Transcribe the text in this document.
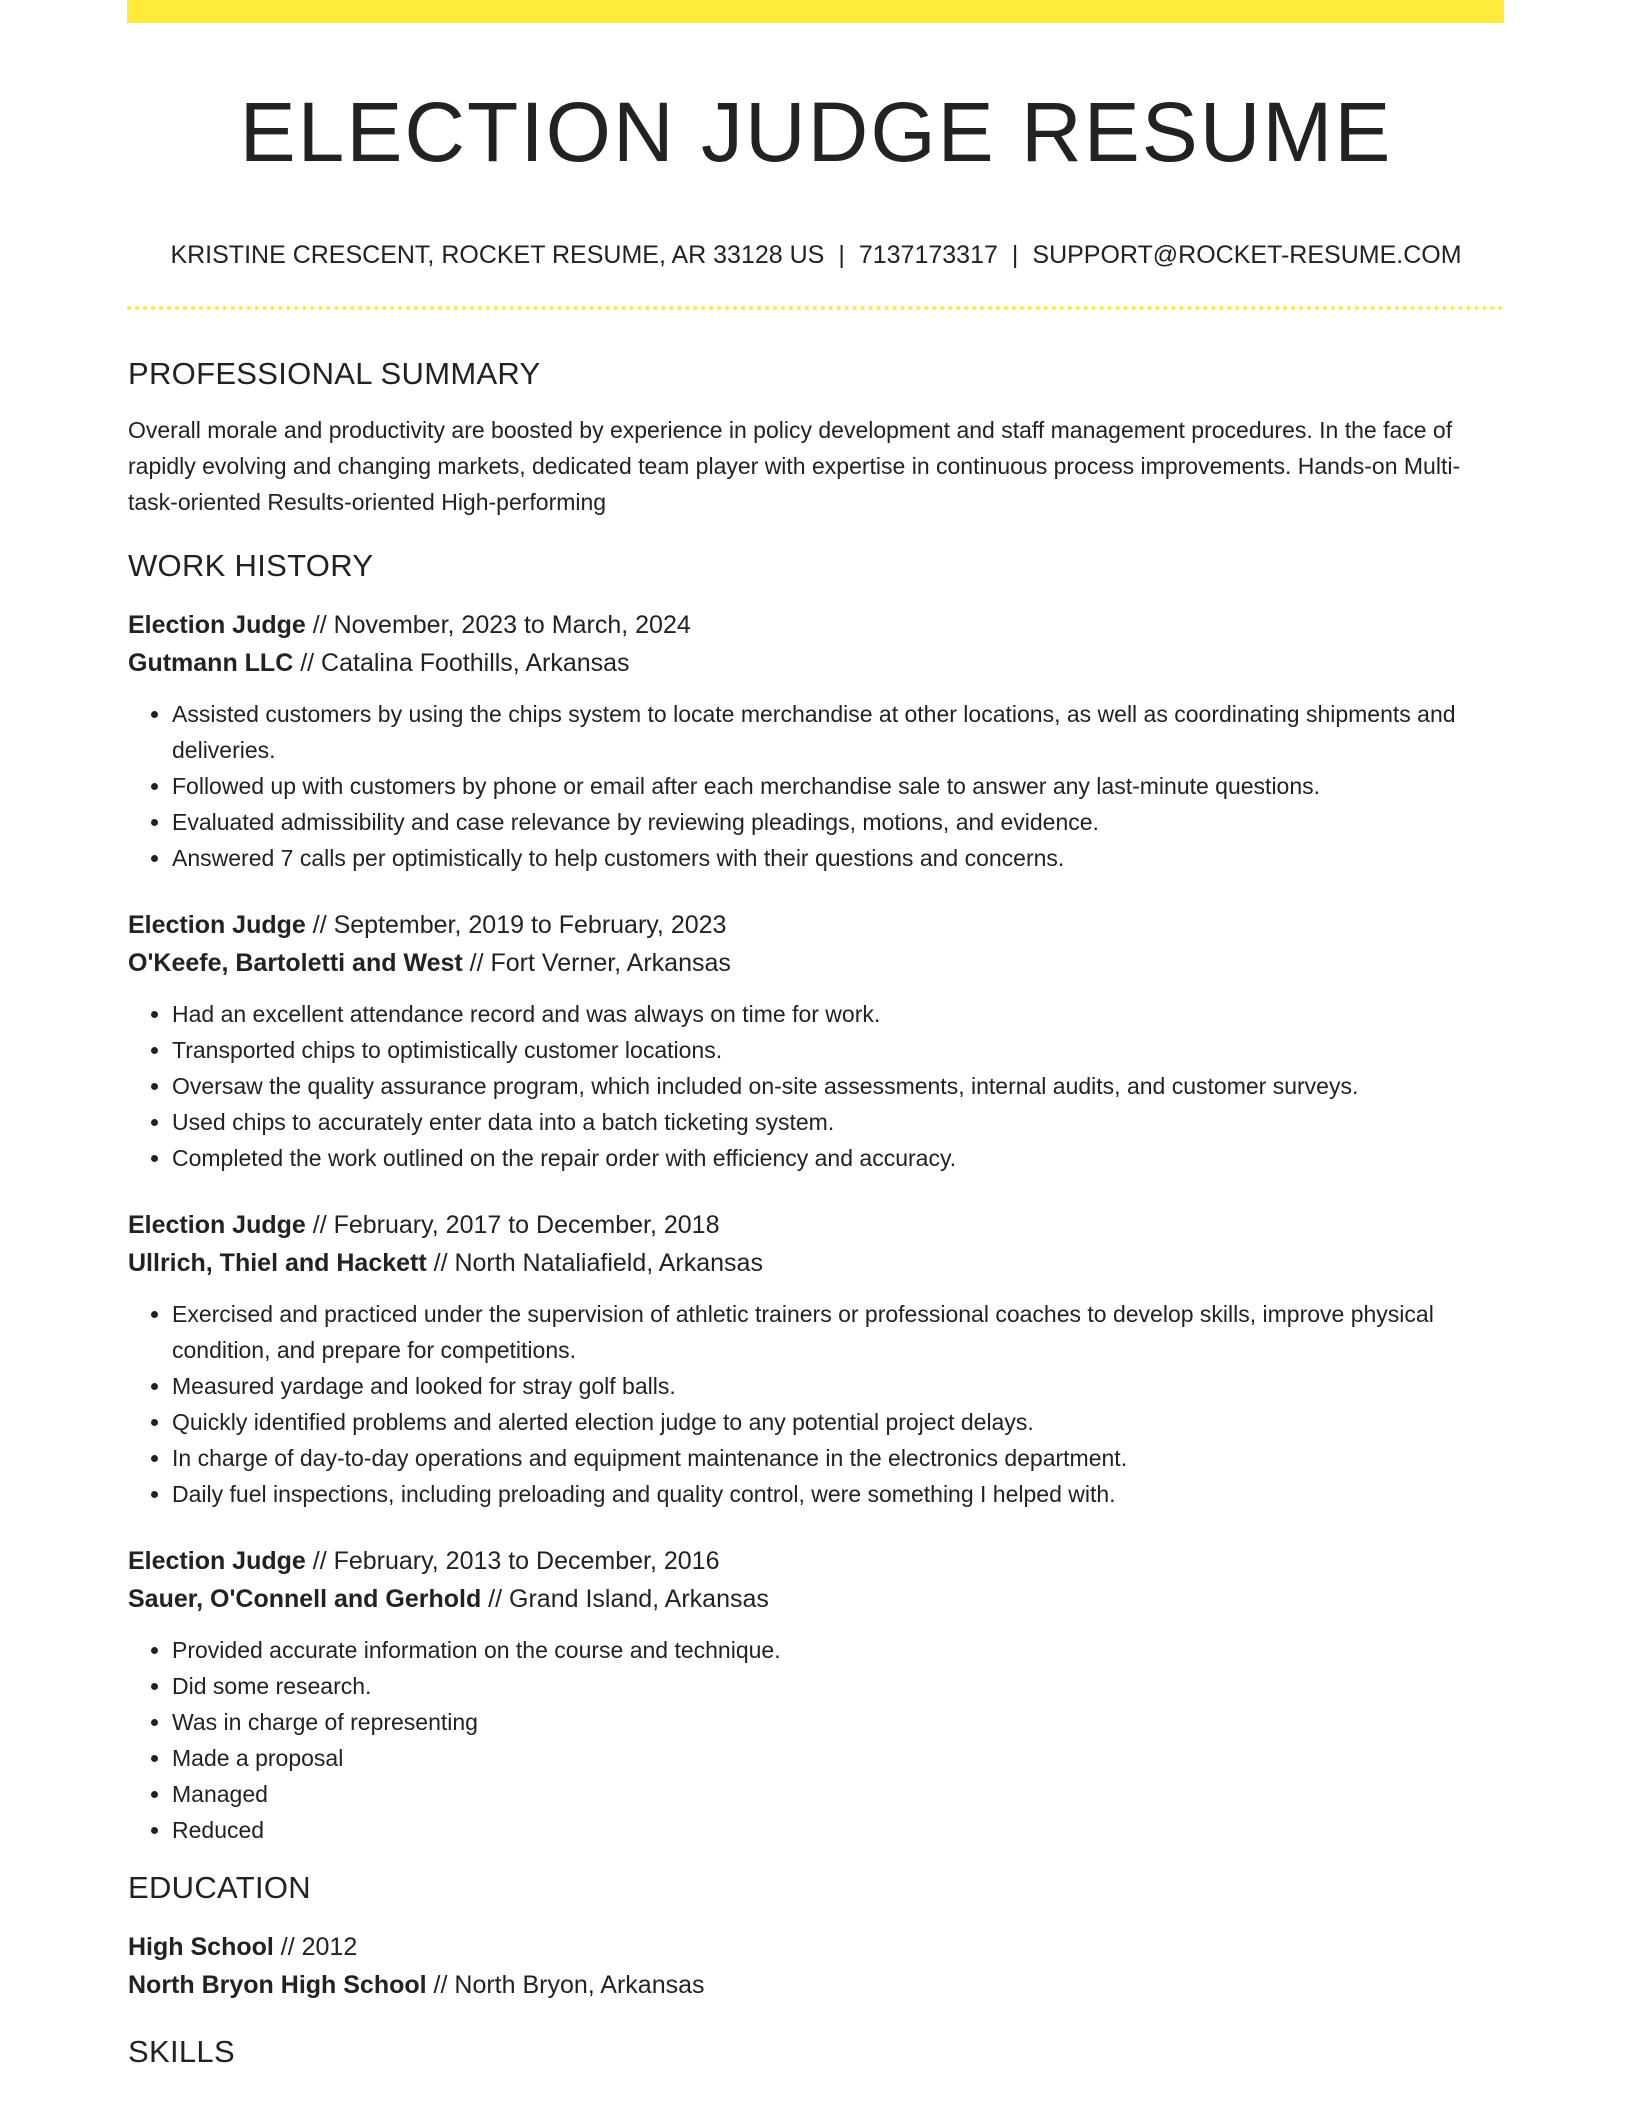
ELECTION JUDGE RESUME
KRISTINE CRESCENT, ROCKET RESUME, AR 33128 US | 7137173317 | SUPPORT@ROCKET-RESUME.COM
PROFESSIONAL SUMMARY

Overall morale and productivity are boosted by experience in policy development and staff management procedures. In the face of rapidly evolving and changing markets, dedicated team player with expertise in continuous process improvements. Hands-on Multi-task-oriented Results-oriented High-performing

WORK HISTORY
Election Judge // November, 2023 to March, 2024
Gutmann LLC // Catalina Foothills, Arkansas
• Assisted customers by using the chips system to locate merchandise at other locations, as well as coordinating shipments and deliveries.
• Followed up with customers by phone or email after each merchandise sale to answer any last-minute questions.
• Evaluated admissibility and case relevance by reviewing pleadings, motions, and evidence.
• Answered 7 calls per optimistically to help customers with their questions and concerns.
Election Judge // September, 2019 to February, 2023
O'Keefe, Bartoletti and West // Fort Verner, Arkansas
• Had an excellent attendance record and was always on time for work.
• Transported chips to optimistically customer locations.
• Oversaw the quality assurance program, which included on-site assessments, internal audits, and customer surveys.
• Used chips to accurately enter data into a batch ticketing system.
• Completed the work outlined on the repair order with efficiency and accuracy.
Election Judge // February, 2017 to December, 2018
Ullrich, Thiel and Hackett // North Nataliafield, Arkansas
• Exercised and practiced under the supervision of athletic trainers or professional coaches to develop skills, improve physical condition, and prepare for competitions.
• Measured yardage and looked for stray golf balls.
• Quickly identified problems and alerted election judge to any potential project delays.
• In charge of day-to-day operations and equipment maintenance in the electronics department.
• Daily fuel inspections, including preloading and quality control, were something I helped with.
Election Judge // February, 2013 to December, 2016
Sauer, O'Connell and Gerhold // Grand Island, Arkansas
• Provided accurate information on the course and technique.
• Did some research.
• Was in charge of representing
• Made a proposal
• Managed
• Reduced
EDUCATION
High School // 2012
North Bryon High School // North Bryon, Arkansas
SKILLS
